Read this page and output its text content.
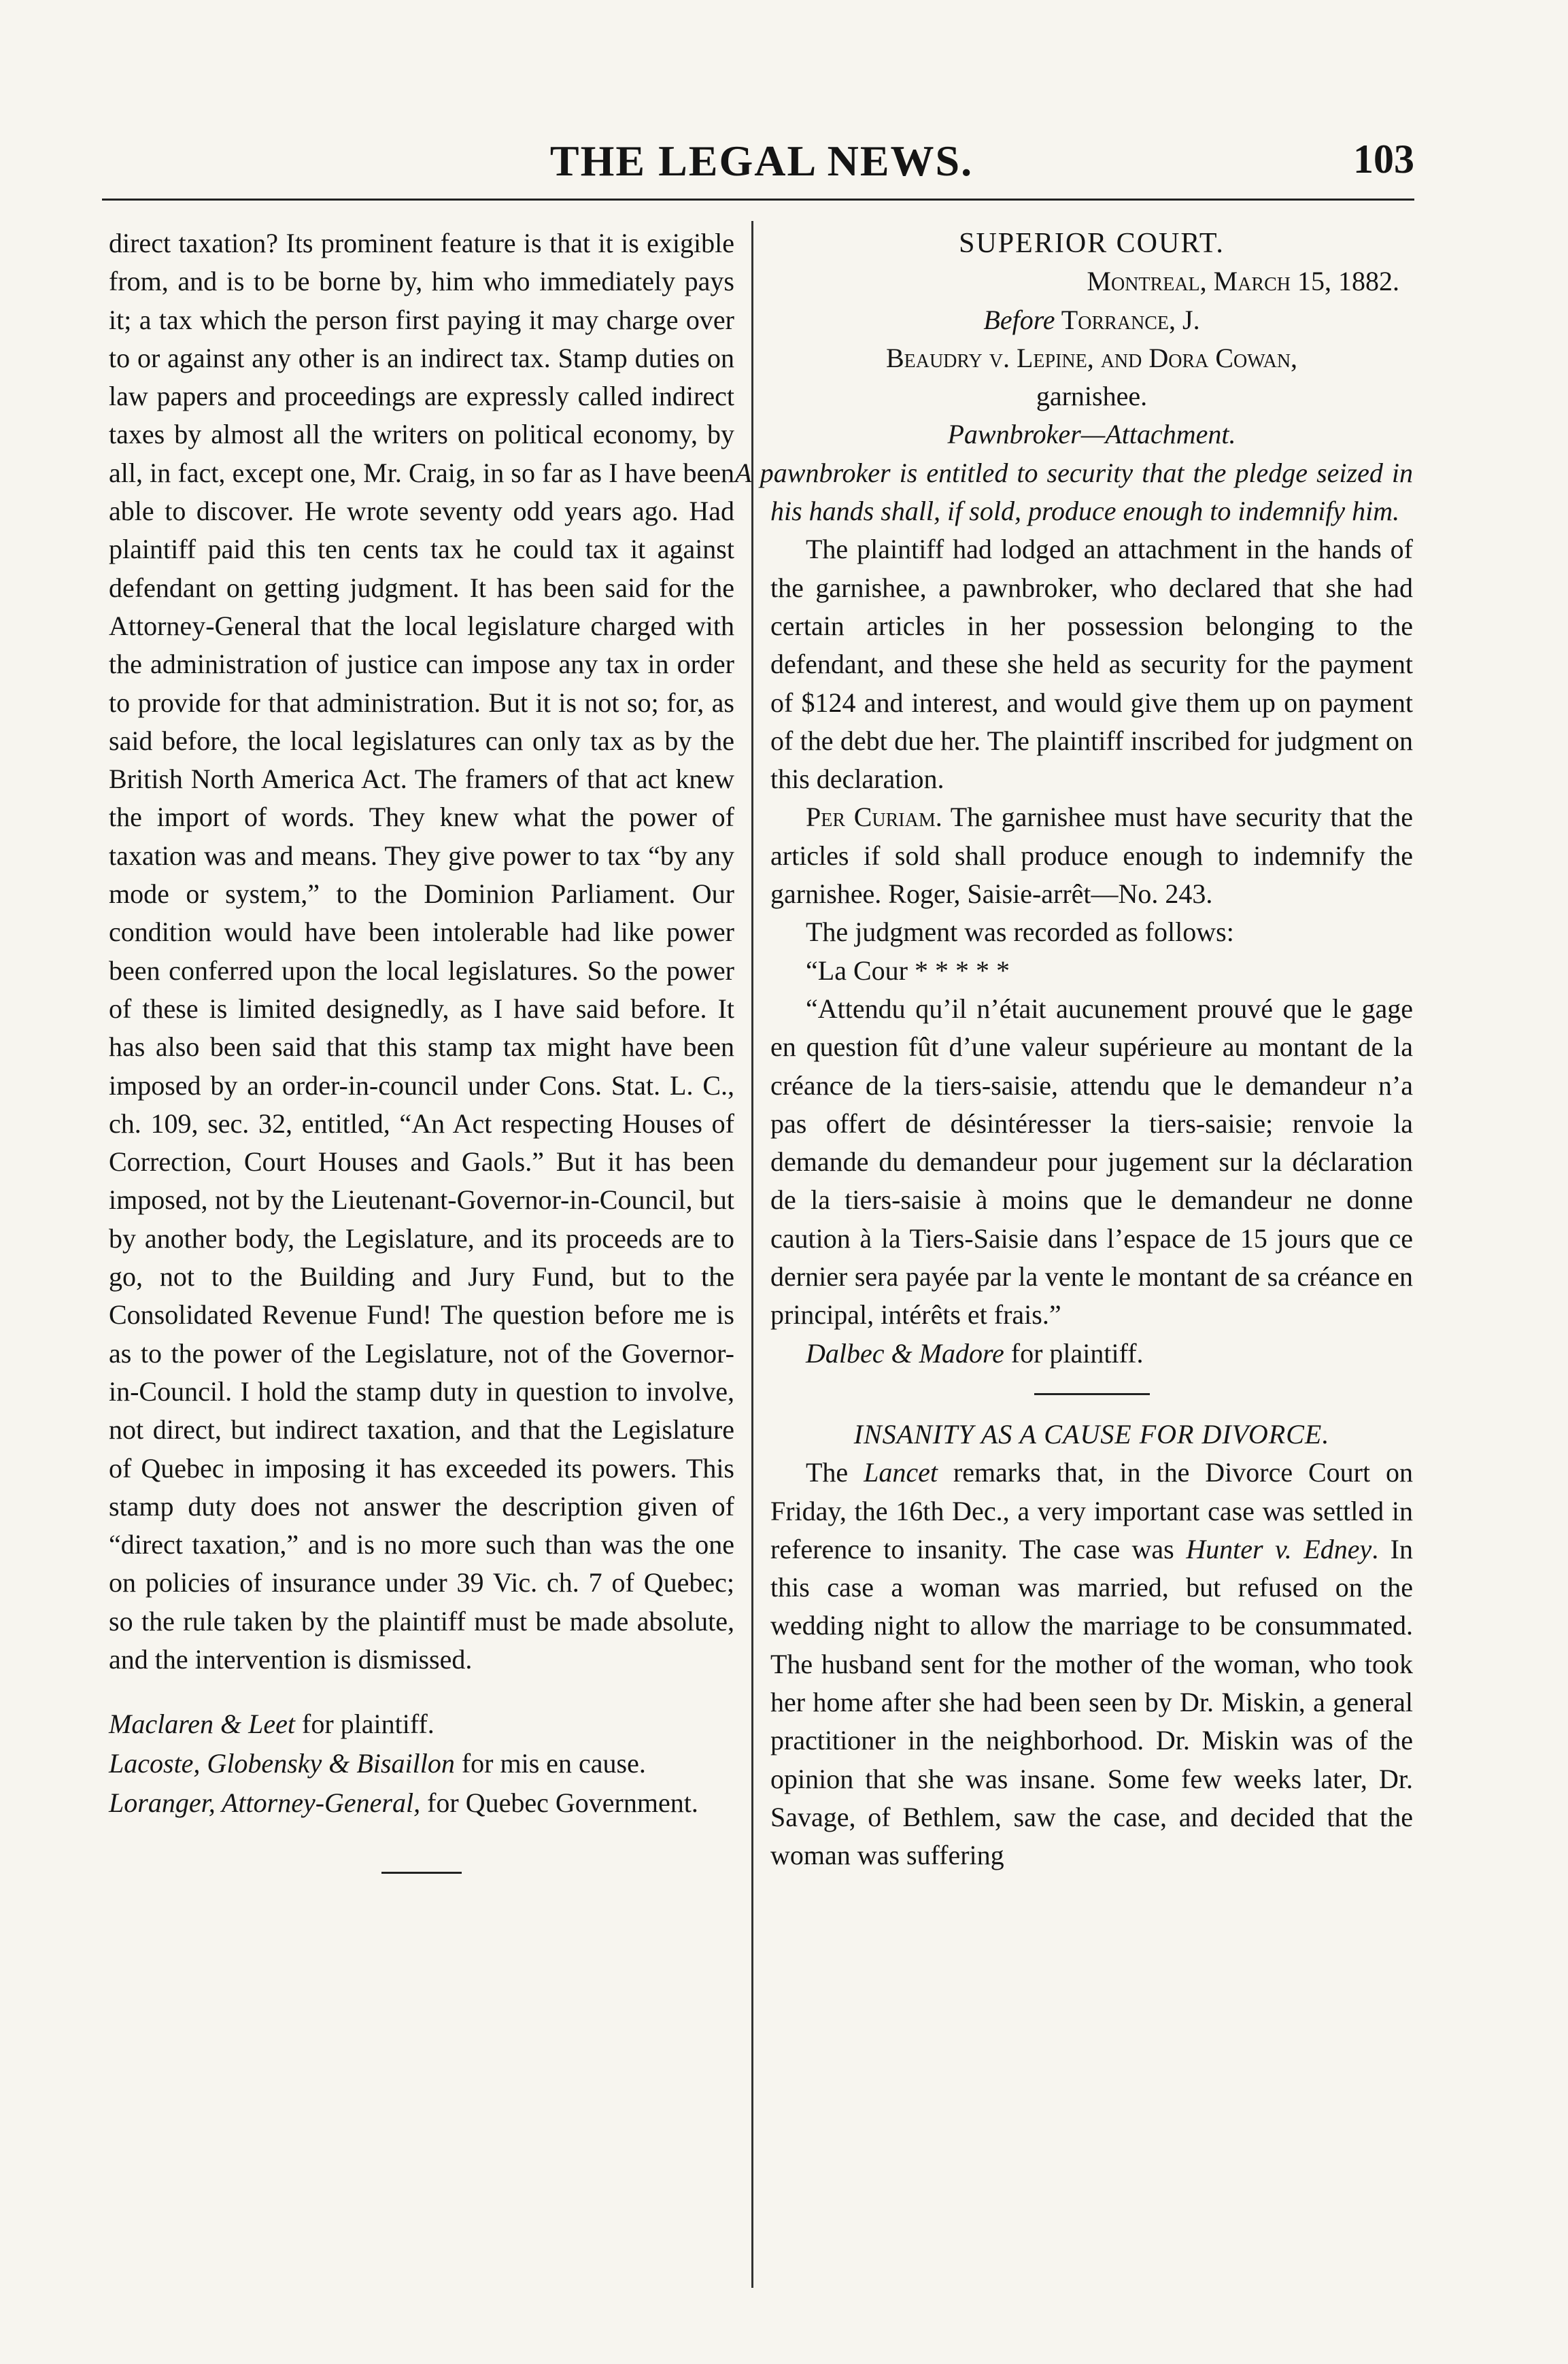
THE LEGAL NEWS.	103

direct taxation? Its prominent feature is that it is exigible from, and is to be borne by, him who immediately pays it; a tax which the person first paying it may charge over to or against any other is an indirect tax. Stamp duties on law papers and proceedings are expressly called indirect taxes by almost all the writers on political economy, by all, in fact, except one, Mr. Craig, in so far as I have been able to discover. He wrote seventy odd years ago. Had plaintiff paid this ten cents tax he could tax it against defendant on getting judgment. It has been said for the Attorney-General that the local legislature charged with the administration of justice can impose any tax in order to provide for that administration. But it is not so; for, as said before, the local legislatures can only tax as by the British North America Act. The framers of that act knew the import of words. They knew what the power of taxation was and means. They give power to tax “by any mode or system,” to the Dominion Parliament. Our condition would have been intolerable had like power been conferred upon the local legislatures. So the power of these is limited designedly, as I have said before. It has also been said that this stamp tax might have been imposed by an order-in-council under Cons. Stat. L. C., ch. 109, sec. 32, entitled, “An Act respecting Houses of Correction, Court Houses and Gaols.” But it has been imposed, not by the Lieutenant-Governor-in-Council, but by another body, the Legislature, and its proceeds are to go, not to the Building and Jury Fund, but to the Consolidated Revenue Fund! The question before me is as to the power of the Legislature, not of the Governor-in-Council. I hold the stamp duty in question to involve, not direct, but indirect taxation, and that the Legislature of Quebec in imposing it has exceeded its powers. This stamp duty does not answer the description given of “direct taxation,” and is no more such than was the one on policies of insurance under 39 Vic. ch. 7 of Quebec; so the rule taken by the plaintiff must be made absolute, and the intervention is dismissed.

Maclaren & Leet for plaintiff.

Lacoste, Globensky & Bisaillon for mis en cause.

Loranger, Attorney-General, for Quebec Government.

SUPERIOR COURT.

Montreal, March 15, 1882.

Before Torrance, J.

Beaudry v. Lepine, and Dora Cowan,

garnishee.

Pawnbroker—Attachment.

A pawnbroker is entitled to security that the pledge seized in his hands shall, if sold, produce enough to indemnify him.

The plaintiff had lodged an attachment in the hands of the garnishee, a pawnbroker, who declared that she had certain articles in her possession belonging to the defendant, and these she held as security for the payment of $124 and interest, and would give them up on payment of the debt due her. The plaintiff inscribed for judgment on this declaration.

Per Curiam. The garnishee must have security that the articles if sold shall produce enough to indemnify the garnishee. Roger, Saisie-arrêt—No. 243.

The judgment was recorded as follows:

“La Cour * * * * *

“Attendu qu’il n’était aucunement prouvé que le gage en question fût d’une valeur supérieure au montant de la créance de la tiers-saisie, attendu que le demandeur n’a pas offert de désintéresser la tiers-saisie; renvoie la demande du demandeur pour jugement sur la déclaration de la tiers-saisie à moins que le demandeur ne donne caution à la Tiers-Saisie dans l’espace de 15 jours que ce dernier sera payée par la vente le montant de sa créance en principal, intérêts et frais.”

Dalbec & Madore for plaintiff.

INSANITY AS A CAUSE FOR DIVORCE.

The Lancet remarks that, in the Divorce Court on Friday, the 16th Dec., a very important case was settled in reference to insanity. The case was Hunter v. Edney. In this case a woman was married, but refused on the wedding night to allow the marriage to be consummated. The husband sent for the mother of the woman, who took her home after she had been seen by Dr. Miskin, a general practitioner in the neighborhood. Dr. Miskin was of the opinion that she was insane. Some few weeks later, Dr. Savage, of Bethlem, saw the case, and decided that the woman was suffering
